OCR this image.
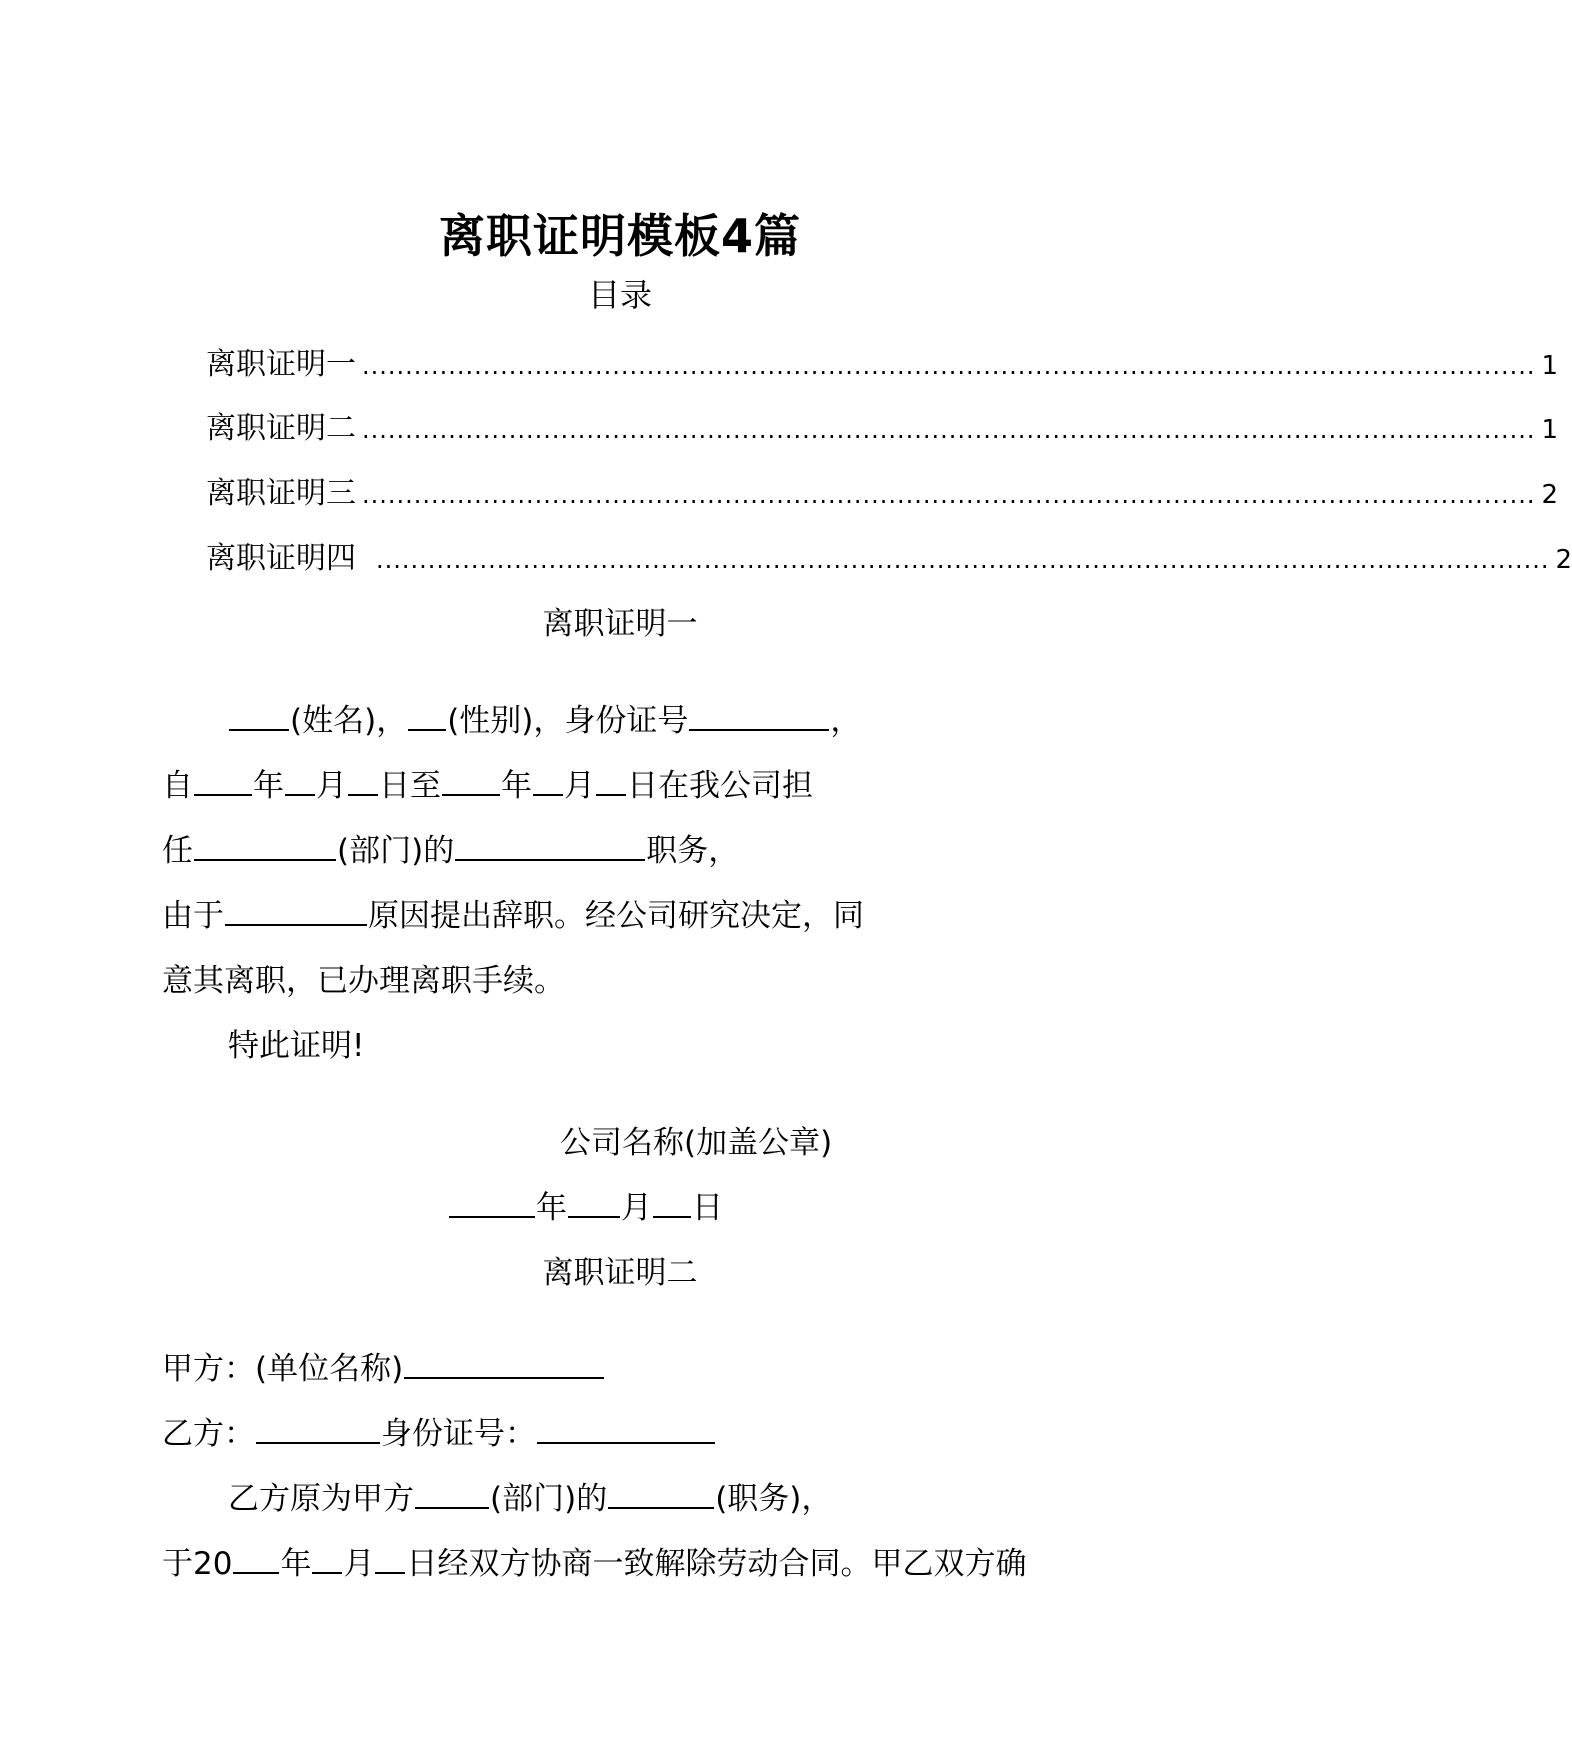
离职证明模板4篇
目录
离职证明一 ........................................................................................................................................ 1
离职证明二 ........................................................................................................................................ 1
离职证明三 ........................................................................................................................................ 2
离职证明四 ........................................................................................................................................ 2
离职证明一
(姓名)， (性别)，身份证号	，
自 年 月 日至 年 月 日在我公司担
任	(部门)的	职务，
由于	原因提出辞职。经公司研究决定，同
意其离职，已办理离职手续。
特此证明!
公司名称(加盖公章)
年 月 日
离职证明二
甲方：(单位名称)
乙方：	身份证号：
乙方原为甲方 (部门)的	(职务)，
于20 年 月 日经双方协商一致解除劳动合同。甲乙双方确
